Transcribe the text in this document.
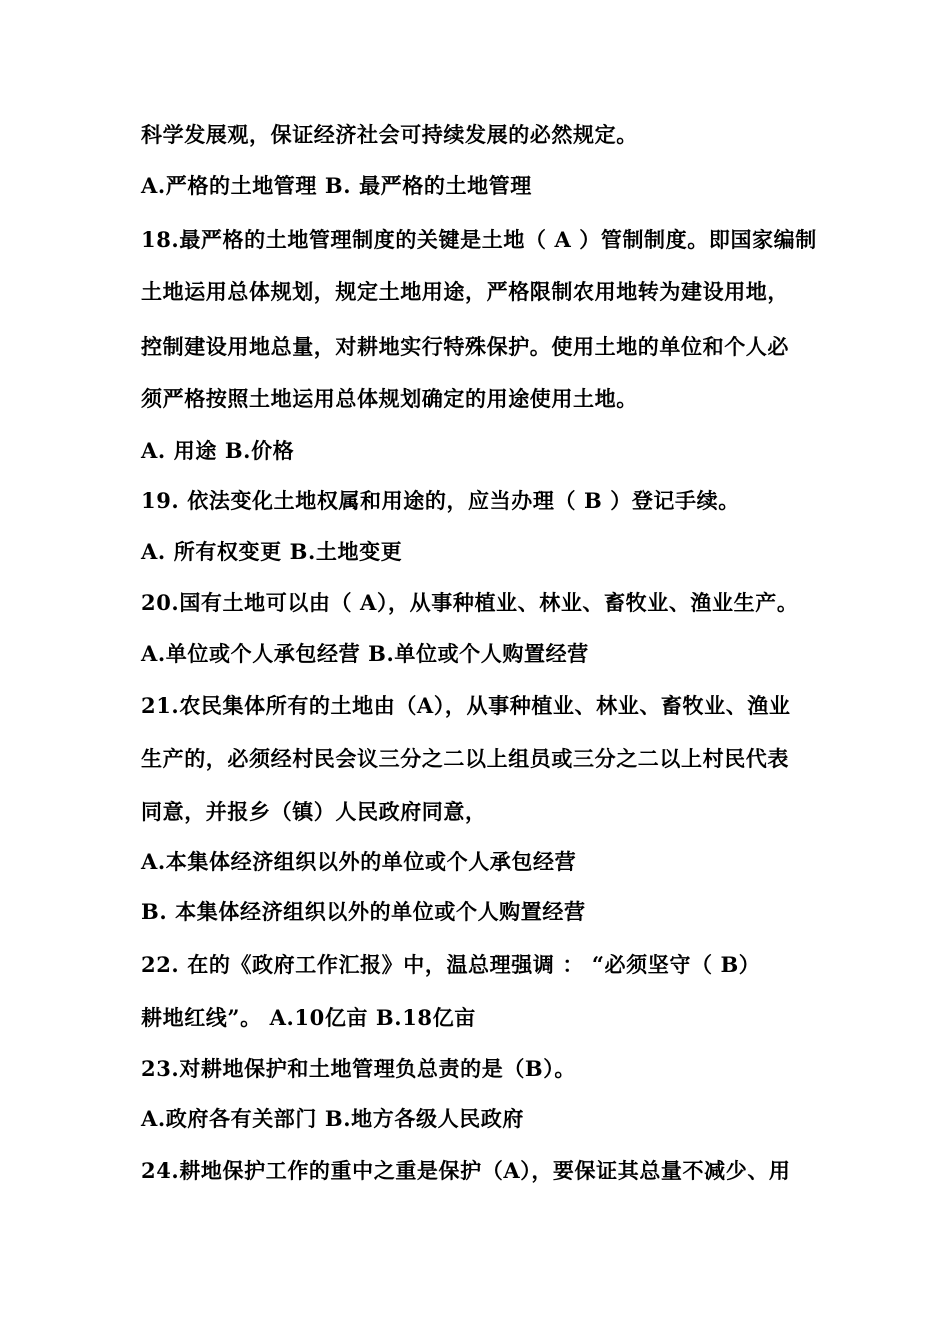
科学发展观，保证经济社会可持续发展的必然规定。
A.严格的土地管理 B. 最严格的土地管理
18.最严格的土地管理制度的关键是土地（ A ）管制制度。即国家编制
土地运用总体规划，规定土地用途，严格限制农用地转为建设用地，
控制建设用地总量，对耕地实行特殊保护。使用土地的单位和个人必
须严格按照土地运用总体规划确定的用途使用土地。
A. 用途 B.价格
19. 依法变化土地权属和用途的，应当办理（ B ）登记手续。
A. 所有权变更 B.土地变更
20.国有土地可以由（ A），从事种植业、林业、畜牧业、渔业生产。
A.单位或个人承包经营 B.单位或个人购置经营
21.农民集体所有的土地由（A），从事种植业、林业、畜牧业、渔业
生产的，必须经村民会议三分之二以上组员或三分之二以上村民代表
同意，并报乡（镇）人民政府同意，
A.本集体经济组织以外的单位或个人承包经营
B. 本集体经济组织以外的单位或个人购置经营
22. 在的《政府工作汇报》中，温总理强调 ： “必须坚守（ B）
耕地红线”。 A.10亿亩 B.18亿亩
23.对耕地保护和土地管理负总责的是（B）。
A.政府各有关部门 B.地方各级人民政府
24.耕地保护工作的重中之重是保护（A），要保证其总量不减少、用
